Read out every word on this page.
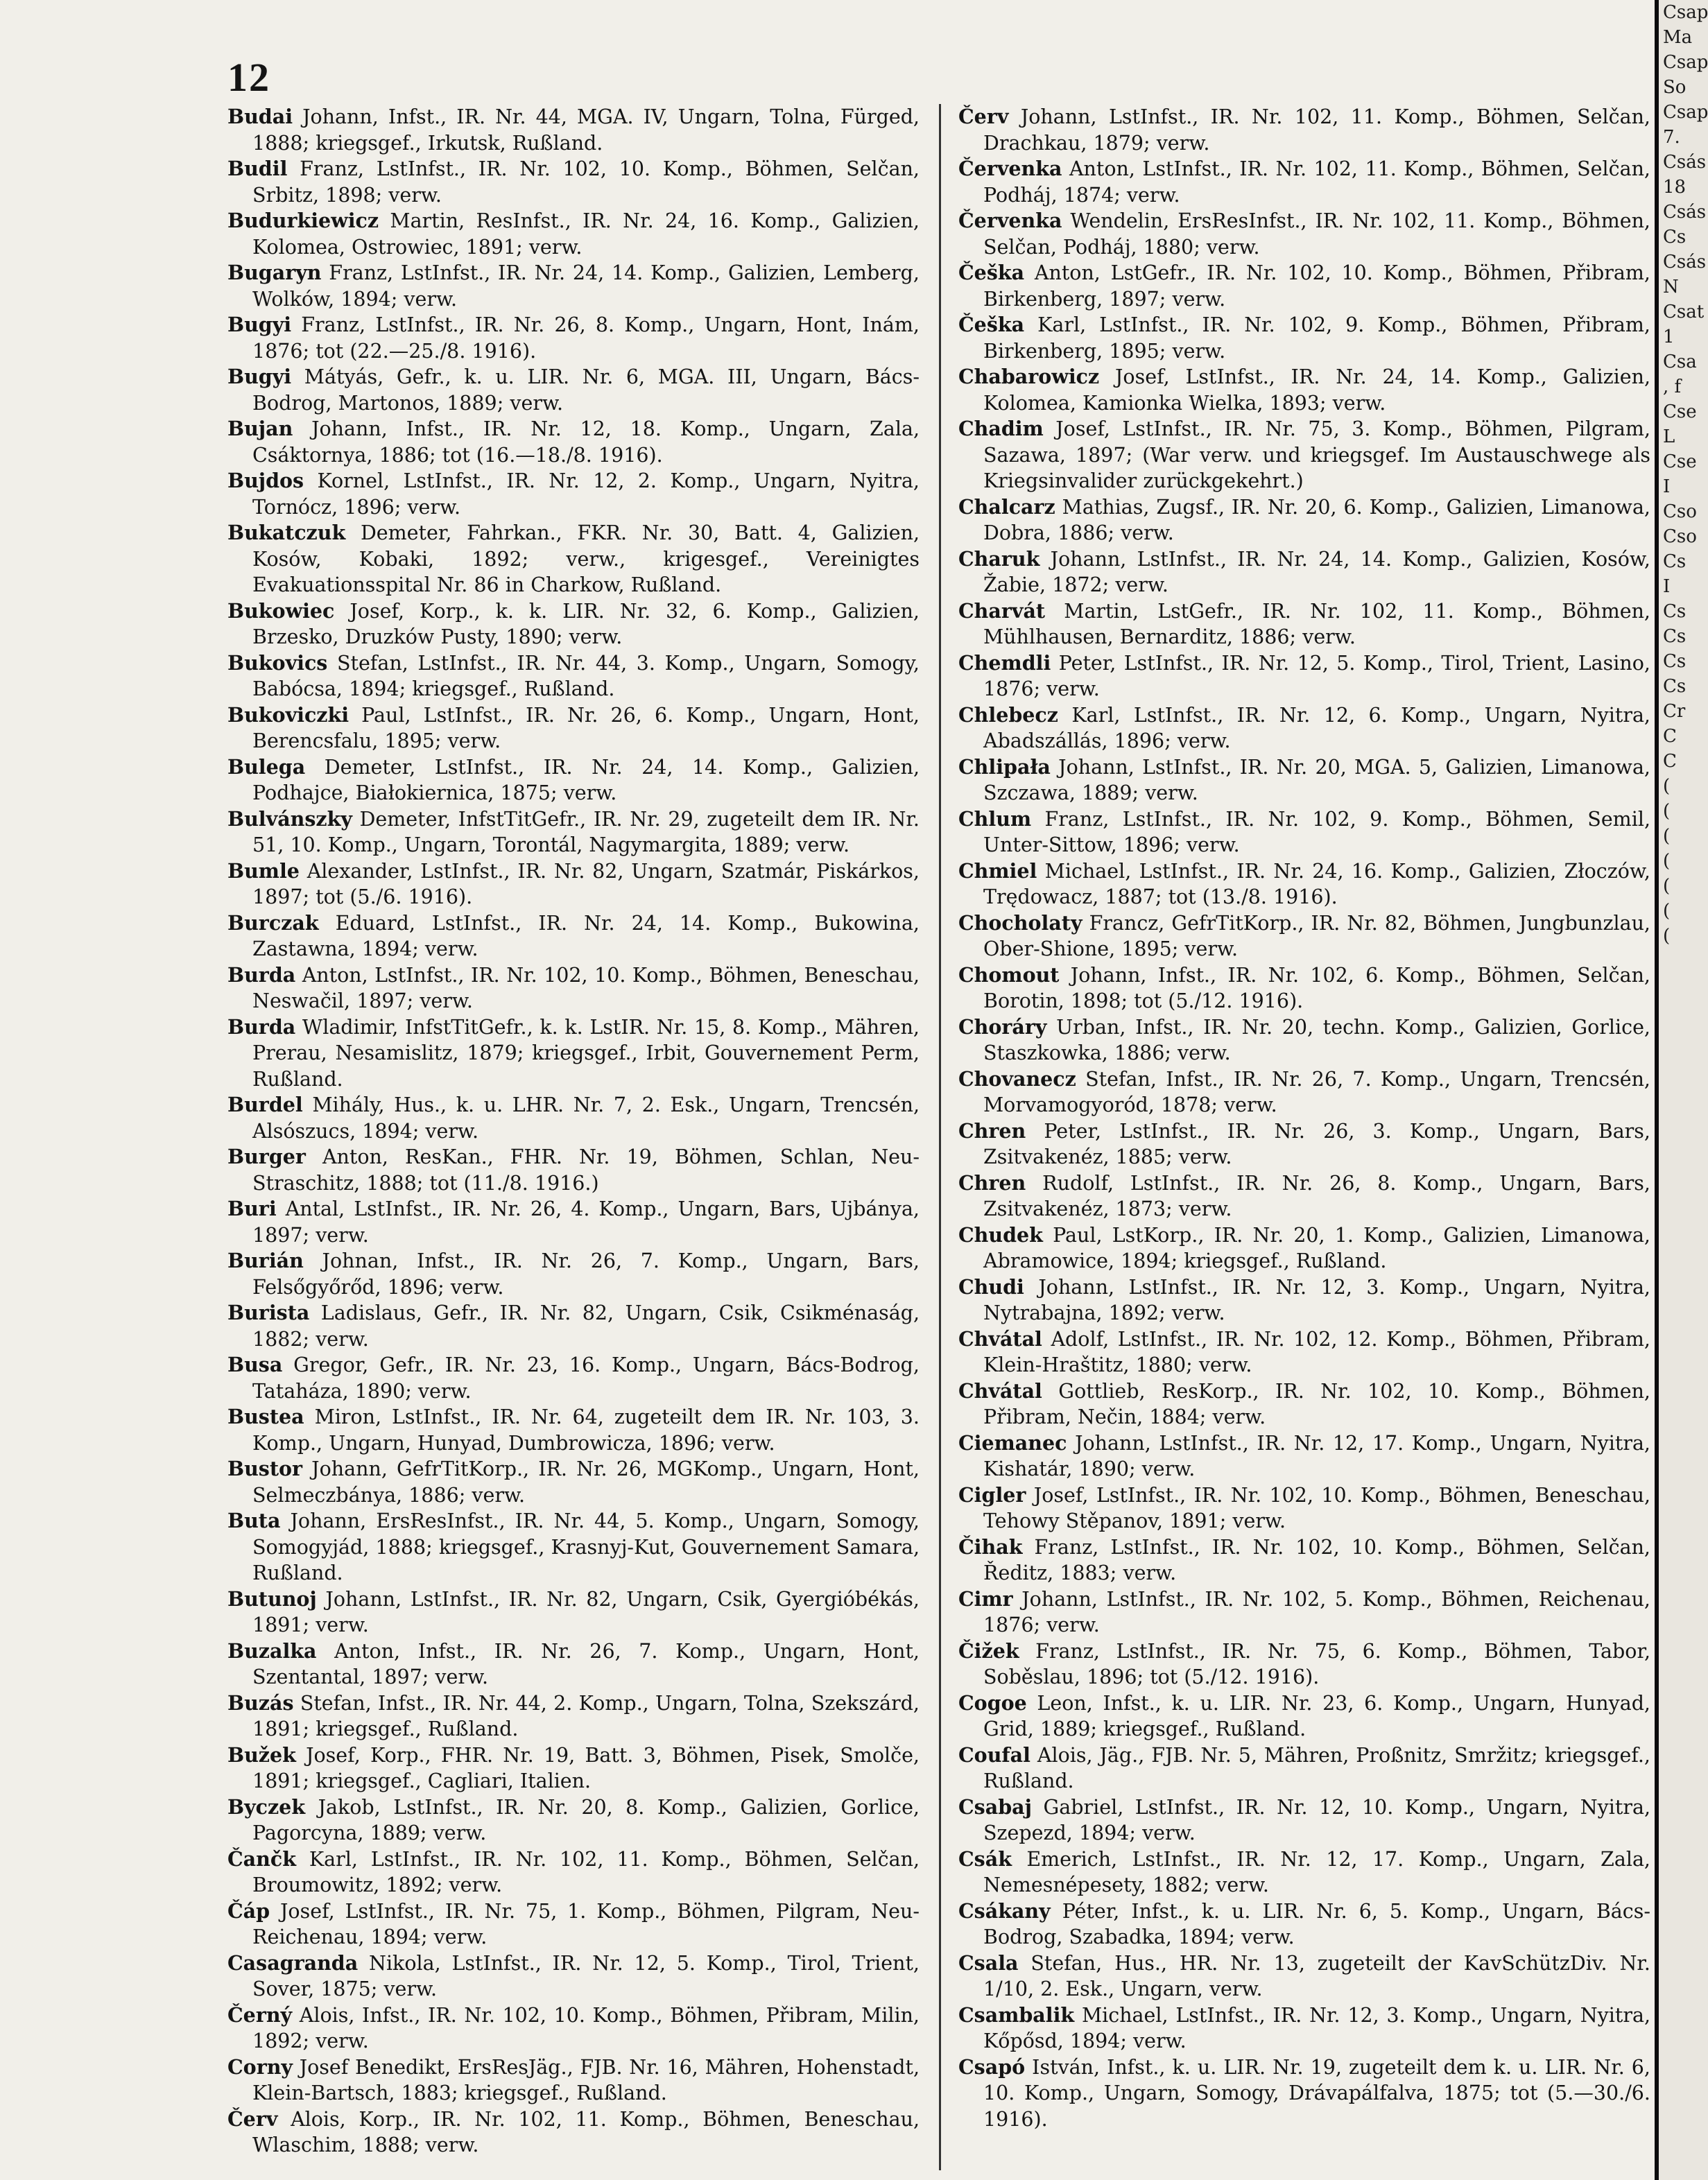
12

Budai Johann, Infst., IR. Nr. 44, MGA. IV, Ungarn, Tolna, Fürged, 1888; kriegsgef., Irkutsk, Rußland.

Budil Franz, LstInfst., IR. Nr. 102, 10. Komp., Böhmen, Selčan, Srbitz, 1898; verw.

Budurkiewicz Martin, ResInfst., IR. Nr. 24, 16. Komp., Galizien, Kolomea, Ostrowiec, 1891; verw.

Bugaryn Franz, LstInfst., IR. Nr. 24, 14. Komp., Galizien, Lemberg, Wolków, 1894; verw.

Bugyi Franz, LstInfst., IR. Nr. 26, 8. Komp., Ungarn, Hont, Inám, 1876; tot (22.—25./8. 1916).

Bugyi Mátyás, Gefr., k. u. LIR. Nr. 6, MGA. III, Ungarn, Bács-Bodrog, Martonos, 1889; verw.

Bujan Johann, Infst., IR. Nr. 12, 18. Komp., Ungarn, Zala, Csáktornya, 1886; tot (16.—18./8. 1916).

Bujdos Kornel, LstInfst., IR. Nr. 12, 2. Komp., Ungarn, Nyitra, Tornócz, 1896; verw.

Bukatczuk Demeter, Fahrkan., FKR. Nr. 30, Batt. 4, Galizien, Kosów, Kobaki, 1892; verw., krigesgef., Vereinigtes Evakuationsspital Nr. 86 in Charkow, Rußland.

Bukowiec Josef, Korp., k. k. LIR. Nr. 32, 6. Komp., Galizien, Brzesko, Druzków Pusty, 1890; verw.

Bukovics Stefan, LstInfst., IR. Nr. 44, 3. Komp., Ungarn, Somogy, Babócsa, 1894; kriegsgef., Rußland.

Bukoviczki Paul, LstInfst., IR. Nr. 26, 6. Komp., Ungarn, Hont, Berencsfalu, 1895; verw.

Bulega Demeter, LstInfst., IR. Nr. 24, 14. Komp., Galizien, Podhajce, Białokiernica, 1875; verw.

Bulvánszky Demeter, InfstTitGefr., IR. Nr. 29, zugeteilt dem IR. Nr. 51, 10. Komp., Ungarn, Torontál, Nagymargita, 1889; verw.

Bumle Alexander, LstInfst., IR. Nr. 82, Ungarn, Szatmár, Piskárkos, 1897; tot (5./6. 1916).

Burczak Eduard, LstInfst., IR. Nr. 24, 14. Komp., Bukowina, Zastawna, 1894; verw.

Burda Anton, LstInfst., IR. Nr. 102, 10. Komp., Böhmen, Beneschau, Neswačil, 1897; verw.

Burda Wladimir, InfstTitGefr., k. k. LstIR. Nr. 15, 8. Komp., Mähren, Prerau, Nesamislitz, 1879; kriegsgef., Irbit, Gouvernement Perm, Rußland.

Burdel Mihály, Hus., k. u. LHR. Nr. 7, 2. Esk., Ungarn, Trencsén, Alsószucs, 1894; verw.

Burger Anton, ResKan., FHR. Nr. 19, Böhmen, Schlan, Neu-Straschitz, 1888; tot (11./8. 1916.)

Buri Antal, LstInfst., IR. Nr. 26, 4. Komp., Ungarn, Bars, Ujbánya, 1897; verw.

Burián Johnan, Infst., IR. Nr. 26, 7. Komp., Ungarn, Bars, Felsőgyőrőd, 1896; verw.

Burista Ladislaus, Gefr., IR. Nr. 82, Ungarn, Csik, Csikménaság, 1882; verw.

Busa Gregor, Gefr., IR. Nr. 23, 16. Komp., Ungarn, Bács-Bodrog, Tataháza, 1890; verw.

Bustea Miron, LstInfst., IR. Nr. 64, zugeteilt dem IR. Nr. 103, 3. Komp., Ungarn, Hunyad, Dumbrowicza, 1896; verw.

Bustor Johann, GefrTitKorp., IR. Nr. 26, MGKomp., Ungarn, Hont, Selmeczbánya, 1886; verw.

Buta Johann, ErsResInfst., IR. Nr. 44, 5. Komp., Ungarn, Somogy, Somogyjád, 1888; kriegsgef., Krasnyj-Kut, Gouvernement Samara, Rußland.

Butunoj Johann, LstInfst., IR. Nr. 82, Ungarn, Csik, Gyergióbékás, 1891; verw.

Buzalka Anton, Infst., IR. Nr. 26, 7. Komp., Ungarn, Hont, Szentantal, 1897; verw.

Buzás Stefan, Infst., IR. Nr. 44, 2. Komp., Ungarn, Tolna, Szekszárd, 1891; kriegsgef., Rußland.

Bužek Josef, Korp., FHR. Nr. 19, Batt. 3, Böhmen, Pisek, Smolče, 1891; kriegsgef., Cagliari, Italien.

Byczek Jakob, LstInfst., IR. Nr. 20, 8. Komp., Galizien, Gorlice, Pagorcyna, 1889; verw.

Čančk Karl, LstInfst., IR. Nr. 102, 11. Komp., Böhmen, Selčan, Broumowitz, 1892; verw.

Čáp Josef, LstInfst., IR. Nr. 75, 1. Komp., Böhmen, Pilgram, Neu-Reichenau, 1894; verw.

Casagranda Nikola, LstInfst., IR. Nr. 12, 5. Komp., Tirol, Trient, Sover, 1875; verw.

Černý Alois, Infst., IR. Nr. 102, 10. Komp., Böhmen, Přibram, Milin, 1892; verw.

Corny Josef Benedikt, ErsResJäg., FJB. Nr. 16, Mähren, Hohenstadt, Klein-Bartsch, 1883; kriegsgef., Rußland.

Červ Alois, Korp., IR. Nr. 102, 11. Komp., Böhmen, Beneschau, Wlaschim, 1888; verw.

Červ Johann, LstInfst., IR. Nr. 102, 11. Komp., Böhmen, Selčan, Drachkau, 1879; verw.

Červenka Anton, LstInfst., IR. Nr. 102, 11. Komp., Böhmen, Selčan, Podháj, 1874; verw.

Červenka Wendelin, ErsResInfst., IR. Nr. 102, 11. Komp., Böhmen, Selčan, Podháj, 1880; verw.

Češka Anton, LstGefr., IR. Nr. 102, 10. Komp., Böhmen, Přibram, Birkenberg, 1897; verw.

Češka Karl, LstInfst., IR. Nr. 102, 9. Komp., Böhmen, Přibram, Birkenberg, 1895; verw.

Chabarowicz Josef, LstInfst., IR. Nr. 24, 14. Komp., Galizien, Kolomea, Kamionka Wielka, 1893; verw.

Chadim Josef, LstInfst., IR. Nr. 75, 3. Komp., Böhmen, Pilgram, Sazawa, 1897; (War verw. und kriegsgef. Im Austauschwege als Kriegsinvalider zurückgekehrt.)

Chalcarz Mathias, Zugsf., IR. Nr. 20, 6. Komp., Galizien, Limanowa, Dobra, 1886; verw.

Charuk Johann, LstInfst., IR. Nr. 24, 14. Komp., Galizien, Kosów, Žabie, 1872; verw.

Charvát Martin, LstGefr., IR. Nr. 102, 11. Komp., Böhmen, Mühlhausen, Bernarditz, 1886; verw.

Chemdli Peter, LstInfst., IR. Nr. 12, 5. Komp., Tirol, Trient, Lasino, 1876; verw.

Chlebecz Karl, LstInfst., IR. Nr. 12, 6. Komp., Ungarn, Nyitra, Abadszállás, 1896; verw.

Chlipała Johann, LstInfst., IR. Nr. 20, MGA. 5, Galizien, Limanowa, Szczawa, 1889; verw.

Chlum Franz, LstInfst., IR. Nr. 102, 9. Komp., Böhmen, Semil, Unter-Sittow, 1896; verw.

Chmiel Michael, LstInfst., IR. Nr. 24, 16. Komp., Galizien, Złoczów, Trędowacz, 1887; tot (13./8. 1916).

Chocholaty Francz, GefrTitKorp., IR. Nr. 82, Böhmen, Jungbunzlau, Ober-Shione, 1895; verw.

Chomout Johann, Infst., IR. Nr. 102, 6. Komp., Böhmen, Selčan, Borotin, 1898; tot (5./12. 1916).

Choráry Urban, Infst., IR. Nr. 20, techn. Komp., Galizien, Gorlice, Staszkowka, 1886; verw.

Chovanecz Stefan, Infst., IR. Nr. 26, 7. Komp., Ungarn, Trencsén, Morvamogyoród, 1878; verw.

Chren Peter, LstInfst., IR. Nr. 26, 3. Komp., Ungarn, Bars, Zsitvakenéz, 1885; verw.

Chren Rudolf, LstInfst., IR. Nr. 26, 8. Komp., Ungarn, Bars, Zsitvakenéz, 1873; verw.

Chudek Paul, LstKorp., IR. Nr. 20, 1. Komp., Galizien, Limanowa, Abramowice, 1894; kriegsgef., Rußland.

Chudi Johann, LstInfst., IR. Nr. 12, 3. Komp., Ungarn, Nyitra, Nytrabajna, 1892; verw.

Chvátal Adolf, LstInfst., IR. Nr. 102, 12. Komp., Böhmen, Přibram, Klein-Hraštitz, 1880; verw.

Chvátal Gottlieb, ResKorp., IR. Nr. 102, 10. Komp., Böhmen, Přibram, Nečin, 1884; verw.

Ciemanec Johann, LstInfst., IR. Nr. 12, 17. Komp., Ungarn, Nyitra, Kishatár, 1890; verw.

Cigler Josef, LstInfst., IR. Nr. 102, 10. Komp., Böhmen, Beneschau, Tehowy Stěpanov, 1891; verw.

Čihak Franz, LstInfst., IR. Nr. 102, 10. Komp., Böhmen, Selčan, Ředitz, 1883; verw.

Cimr Johann, LstInfst., IR. Nr. 102, 5. Komp., Böhmen, Reichenau, 1876; verw.

Čižek Franz, LstInfst., IR. Nr. 75, 6. Komp., Böhmen, Tabor, Soběslau, 1896; tot (5./12. 1916).

Cogoe Leon, Infst., k. u. LIR. Nr. 23, 6. Komp., Ungarn, Hunyad, Grid, 1889; kriegsgef., Rußland.

Coufal Alois, Jäg., FJB. Nr. 5, Mähren, Proßnitz, Smržitz; kriegsgef., Rußland.

Csabaj Gabriel, LstInfst., IR. Nr. 12, 10. Komp., Ungarn, Nyitra, Szepezd, 1894; verw.

Csák Emerich, LstInfst., IR. Nr. 12, 17. Komp., Ungarn, Zala, Nemesnépesety, 1882; verw.

Csákany Péter, Infst., k. u. LIR. Nr. 6, 5. Komp., Ungarn, Bács-Bodrog, Szabadka, 1894; verw.

Csala Stefan, Hus., HR. Nr. 13, zugeteilt der KavSchützDiv. Nr. 1/10, 2. Esk., Ungarn, verw.

Csambalik Michael, LstInfst., IR. Nr. 12, 3. Komp., Ungarn, Nyitra, Kőpősd, 1894; verw.

Csapó István, Infst., k. u. LIR. Nr. 19, zugeteilt dem k. u. LIR. Nr. 6, 10. Komp., Ungarn, Somogy, Drávapálfalva, 1875; tot (5.—30./6. 1916).

Csap
Ma
Csap
So
Csap
7.
Csás
18
Csás
Cs
Csás
N
Csat
1
Csa
, f
Cse
L
Cse
I
Cso
Cso
Cs
I
Cs
Cs
Cs
Cs
Cr
C
C
(
(
(
(
(
(
(
